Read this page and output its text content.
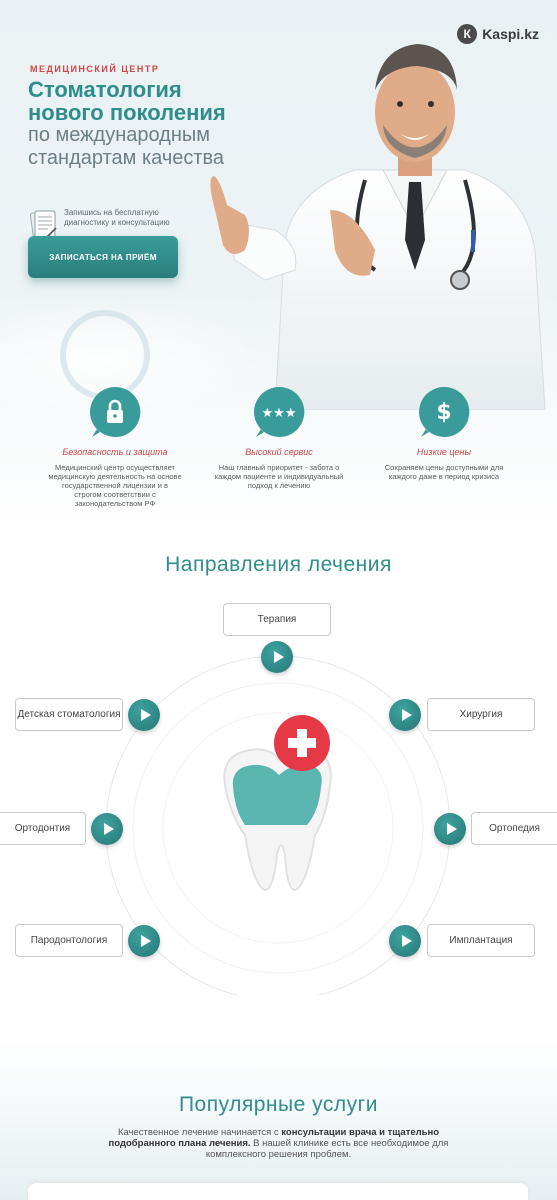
К Kaspi.kz
МЕДИЦИНСКИЙ ЦЕНТР
Стоматология
нового поколения
по международным
стандартам качества
Запишись на бесплатную диагностику и консультацию
ЗАПИСАТЬСЯ НА ПРИЁМ
Безопасность и защита
Медицинский центр осуществляет медицинскую деятельность на основе государственной лицензии и в строгом соответствии с законодательством РФ
★★★
Высокий сервис
Наш главный приоритет - забота о каждом пациенте и индивидуальный подход к лечению
$
Низкие цены
Сохраняем цены доступными для каждого даже в период кризиса
Направления лечения
Терапия
Детская стоматология	Хирургия
Ортодонтия	Ортопедия
Пародонтология	Имплантация
Популярные услуги
Качественное лечение начинается с консультации врача и тщательно подобранного плана лечения. В нашей клинике есть все необходимое для комплексного решения проблем.
